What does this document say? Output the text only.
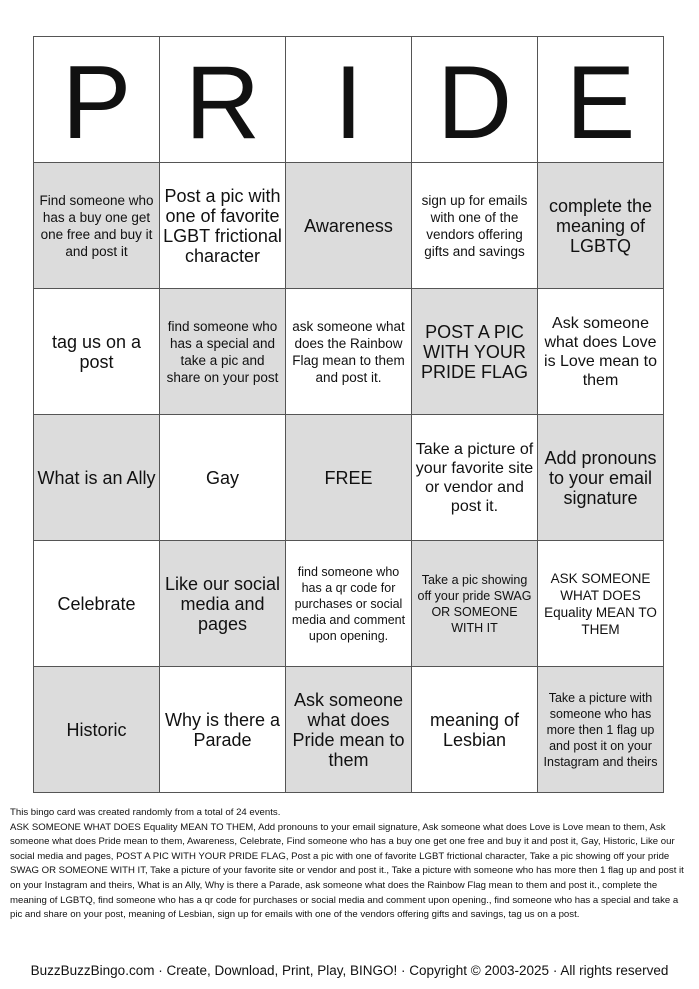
P	R	I	D	E
Find someone who has a buy one get one free and buy it and post it	Post a pic with one of favorite LGBT frictional character	Awareness	sign up for emails with one of the vendors offering gifts and savings	complete the meaning of LGBTQ
tag us on a post	find someone who has a special and take a pic and share on your post	ask someone what does the Rainbow Flag mean to them and post it.	POST A PIC WITH YOUR PRIDE FLAG	Ask someone what does Love is Love mean to them
What is an Ally	Gay	FREE	Take a picture of your favorite site or vendor and post it.	Add pronouns to your email signature
Celebrate	Like our social media and pages	find someone who has a qr code for purchases or social media and comment upon opening.	Take a pic showing off your pride SWAG OR SOMEONE WITH IT	ASK SOMEONE WHAT DOES Equality MEAN TO THEM
Historic	Why is there a Parade	Ask someone what does Pride mean to them	meaning of Lesbian	Take a picture with someone who has more then 1 flag up and post it on your Instagram and theirs
This bingo card was created randomly from a total of 24 events.
ASK SOMEONE WHAT DOES Equality MEAN TO THEM, Add pronouns to your email signature, Ask someone what does Love is Love mean to them, Ask someone what does Pride mean to them, Awareness, Celebrate, Find someone who has a buy one get one free and buy it and post it, Gay, Historic, Like our social media and pages, POST A PIC WITH YOUR PRIDE FLAG, Post a pic with one of favorite LGBT frictional character, Take a pic showing off your pride SWAG OR SOMEONE WITH IT, Take a picture of your favorite site or vendor and post it., Take a picture with someone who has more then 1 flag up and post it on your Instagram and theirs, What is an Ally, Why is there a Parade, ask someone what does the Rainbow Flag mean to them and post it., complete the meaning of LGBTQ, find someone who has a qr code for purchases or social media and comment upon opening., find someone who has a special and take a pic and share on your post, meaning of Lesbian, sign up for emails with one of the vendors offering gifts and savings, tag us on a post.
BuzzBuzzBingo.com · Create, Download, Print, Play, BINGO! · Copyright © 2003-2025 · All rights reserved
